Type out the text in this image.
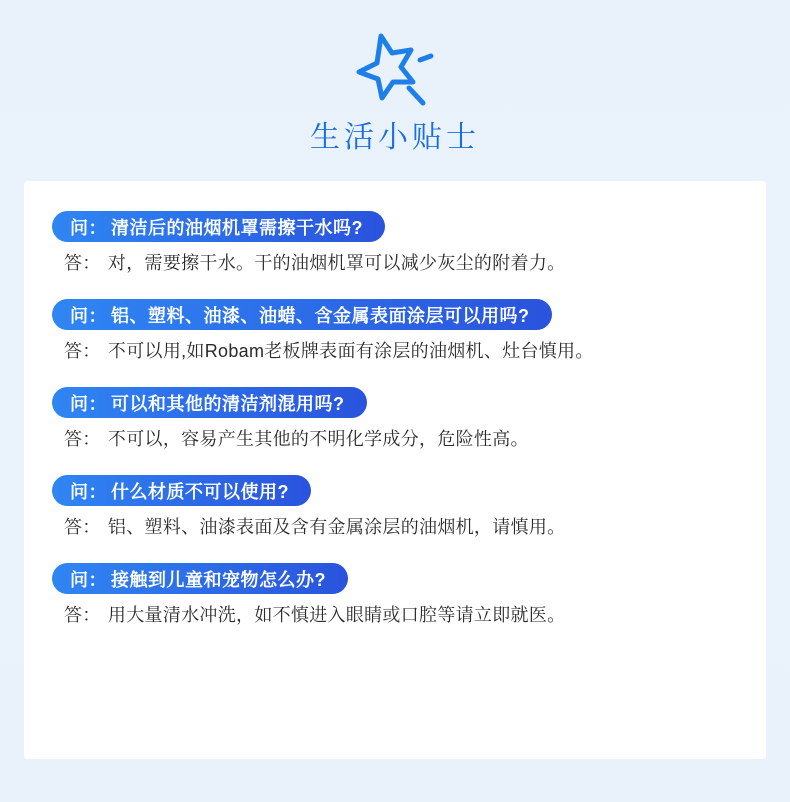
生活小贴士
问： 清洁后的油烟机罩需擦干水吗?
答： 对，需要擦干水。干的油烟机罩可以减少灰尘的附着力。
问： 铝、塑料、油漆、油蜡、含金属表面涂层可以用吗?
答： 不可以用,如Robam老板牌表面有涂层的油烟机、灶台慎用。
问： 可以和其他的清洁剂混用吗?
答： 不可以，容易产生其他的不明化学成分，危险性高。
问： 什么材质不可以使用?
答： 铝、塑料、油漆表面及含有金属涂层的油烟机，请慎用。
问： 接触到儿童和宠物怎么办?
答： 用大量清水冲洗，如不慎进入眼睛或口腔等请立即就医。
